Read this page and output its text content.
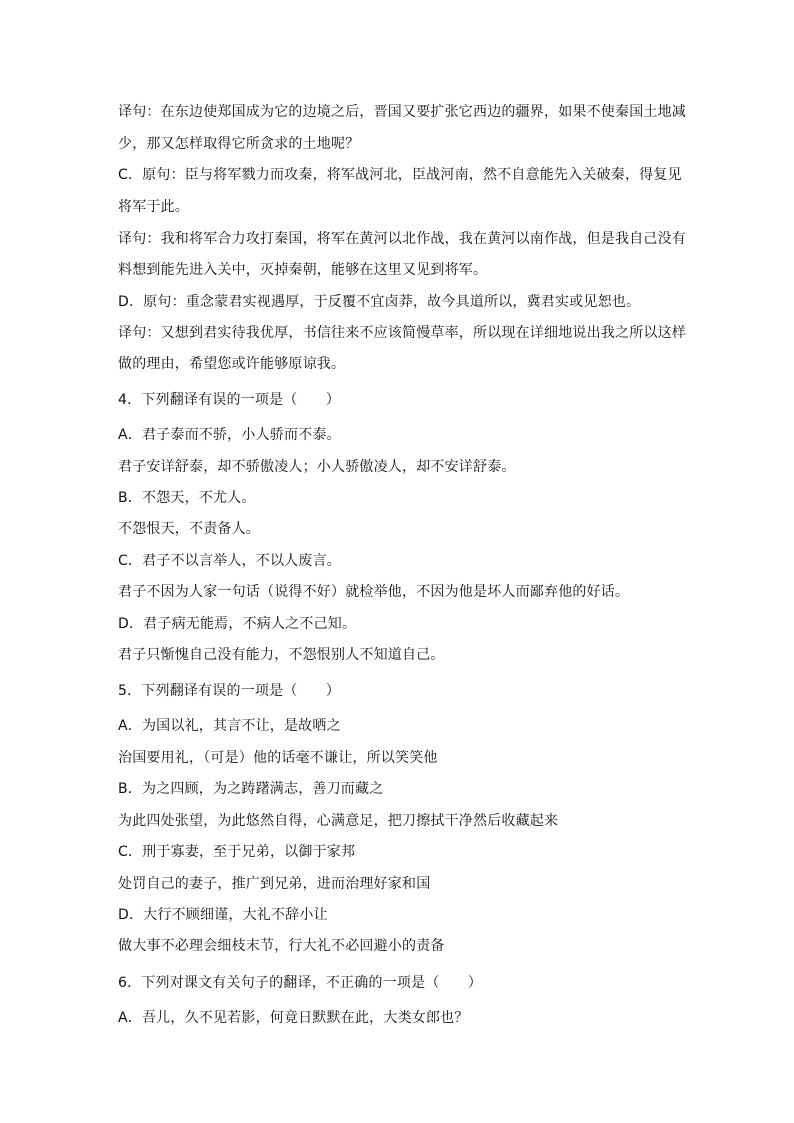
译句：在东边使郑国成为它的边境之后，晋国又要扩张它西边的疆界，如果不使秦国土地减
少，那又怎样取得它所贪求的土地呢？
C．原句：臣与将军戮力而攻秦，将军战河北，臣战河南，然不自意能先入关破秦，得复见
将军于此。
译句：我和将军合力攻打秦国，将军在黄河以北作战，我在黄河以南作战，但是我自己没有
料想到能先进入关中，灭掉秦朝，能够在这里又见到将军。
D．原句：重念蒙君实视遇厚，于反覆不宜卤莽，故今具道所以，冀君实或见恕也。
译句：又想到君实待我优厚，书信往来不应该简慢草率，所以现在详细地说出我之所以这样
做的理由，希望您或许能够原谅我。
4．下列翻译有误的一项是（　　）
A．君子泰而不骄，小人骄而不泰。
君子安详舒泰，却不骄傲凌人；小人骄傲凌人，却不安详舒泰。
B．不怨天，不尤人。
不怨恨天，不责备人。
C．君子不以言举人，不以人废言。
君子不因为人家一句话（说得不好）就检举他，不因为他是坏人而鄙弃他的好话。
D．君子病无能焉，不病人之不己知。
君子只惭愧自己没有能力，不怨恨别人不知道自己。
5．下列翻译有误的一项是（　　）
A．为国以礼，其言不让，是故哂之
治国要用礼，（可是）他的话毫不谦让，所以笑笑他
B．为之四顾，为之踌躇满志，善刀而藏之
为此四处张望，为此悠然自得，心满意足，把刀擦拭干净然后收藏起来
C．刑于寡妻，至于兄弟，以御于家邦
处罚自己的妻子，推广到兄弟，进而治理好家和国
D．大行不顾细谨，大礼不辞小让
做大事不必理会细枝末节，行大礼不必回避小的责备
6．下列对课文有关句子的翻译，不正确的一项是（　　）
A．吾儿，久不见若影，何竟日默默在此，大类女郎也？
